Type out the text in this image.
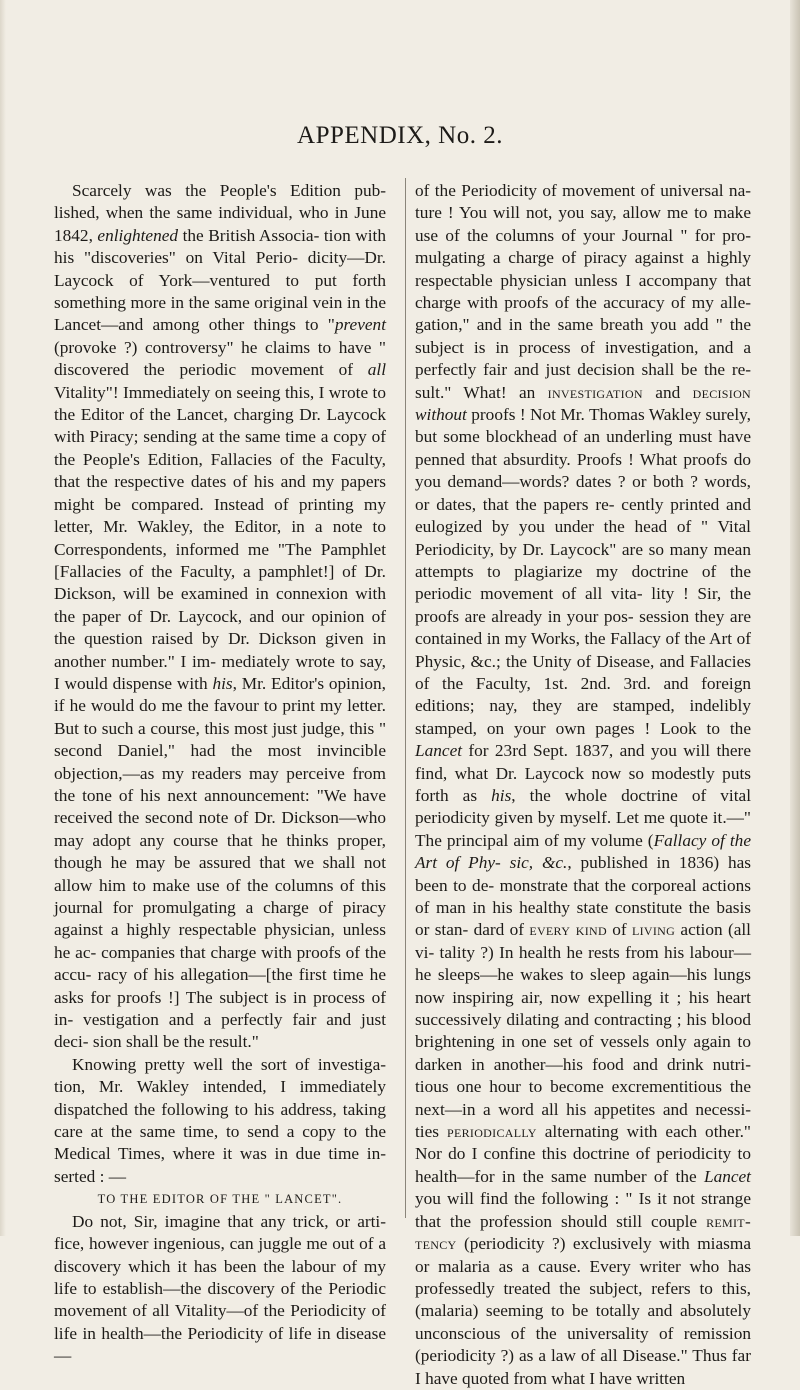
APPENDIX, No. 2.

Scarcely was the People's Edition pub- lished, when the same individual, who in June 1842, enlightened the British Associa- tion with his "discoveries" on Vital Perio- dicity—Dr. Laycock of York—ventured to put forth something more in the same original vein in the Lancet—and among other things to "prevent (provoke ?) controversy" he claims to have " discovered the periodic movement of all Vitality"! Immediately on seeing this, I wrote to the Editor of the Lancet, charging Dr. Laycock with Piracy; sending at the same time a copy of the People's Edition, Fallacies of the Faculty, that the respective dates of his and my papers might be compared. Instead of printing my letter, Mr. Wakley, the Editor, in a note to Correspondents, informed me "The Pamphlet [Fallacies of the Faculty, a pamphlet!] of Dr. Dickson, will be examined in connexion with the paper of Dr. Laycock, and our opinion of the question raised by Dr. Dickson given in another number." I im- mediately wrote to say, I would dispense with his, Mr. Editor's opinion, if he would do me the favour to print my letter. But to such a course, this most just judge, this " second Daniel," had the most invincible objection,—as my readers may perceive from the tone of his next announcement: "We have received the second note of Dr. Dickson—who may adopt any course that he thinks proper, though he may be assured that we shall not allow him to make use of the columns of this journal for promulgating a charge of piracy against a highly respectable physician, unless he ac- companies that charge with proofs of the accu- racy of his allegation—[the first time he asks for proofs !] The subject is in process of in- vestigation and a perfectly fair and just deci- sion shall be the result."

Knowing pretty well the sort of investiga- tion, Mr. Wakley intended, I immediately dispatched the following to his address, taking care at the same time, to send a copy to the Medical Times, where it was in due time in- serted : —

TO THE EDITOR OF THE " LANCET".

Do not, Sir, imagine that any trick, or arti- fice, however ingenious, can juggle me out of a discovery which it has been the labour of my life to establish—the discovery of the Periodic movement of all Vitality—of the Periodicity of life in health—the Periodicity of life in disease—

of the Periodicity of movement of universal na- ture ! You will not, you say, allow me to make use of the columns of your Journal " for pro- mulgating a charge of piracy against a highly respectable physician unless I accompany that charge with proofs of the accuracy of my alle- gation," and in the same breath you add " the subject is in process of investigation, and a perfectly fair and just decision shall be the re- sult." What! an investigation and decision without proofs ! Not Mr. Thomas Wakley surely, but some blockhead of an underling must have penned that absurdity. Proofs ! What proofs do you demand—words? dates ? or both ? words, or dates, that the papers re- cently printed and eulogized by you under the head of " Vital Periodicity, by Dr. Laycock" are so many mean attempts to plagiarize my doctrine of the periodic movement of all vita- lity ! Sir, the proofs are already in your pos- session they are contained in my Works, the Fallacy of the Art of Physic, &c.; the Unity of Disease, and Fallacies of the Faculty, 1st. 2nd. 3rd. and foreign editions; nay, they are stamped, indelibly stamped, on your own pages ! Look to the Lancet for 23rd Sept. 1837, and you will there find, what Dr. Laycock now so modestly puts forth as his, the whole doctrine of vital periodicity given by myself. Let me quote it.—" The principal aim of my volume (Fallacy of the Art of Phy- sic, &c., published in 1836) has been to de- monstrate that the corporeal actions of man in his healthy state constitute the basis or stan- dard of every kind of living action (all vi- tality ?) In health he rests from his labour— he sleeps—he wakes to sleep again—his lungs now inspiring air, now expelling it ; his heart successively dilating and contracting ; his blood brightening in one set of vessels only again to darken in another—his food and drink nutri- tious one hour to become excrementitious the next—in a word all his appetites and necessi- ties periodically alternating with each other." Nor do I confine this doctrine of periodicity to health—for in the same number of the Lancet you will find the following : " Is it not strange that the profession should still couple remit- tency (periodicity ?) exclusively with miasma or malaria as a cause. Every writer who has professedly treated the subject, refers to this, (malaria) seeming to be totally and absolutely unconscious of the universality of remission (periodicity ?) as a law of all Disease." Thus far I have quoted from what I have written
